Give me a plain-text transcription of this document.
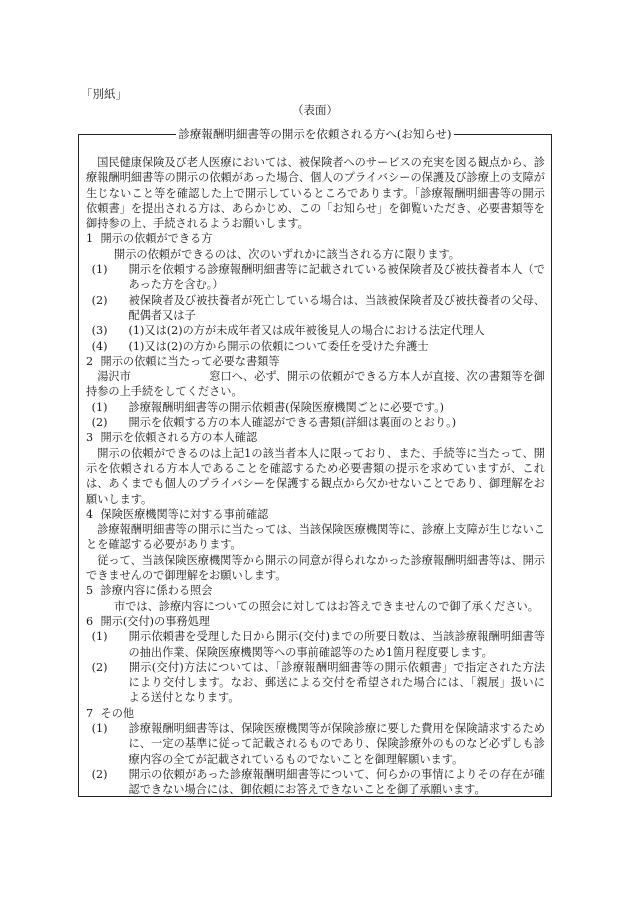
「別紙」
（表面）
診療報酬明細書等の開示を依頼される方へ(お知らせ)

国民健康保険及び老人医療においては、被保険者へのサービスの充実を図る観点から、診療報酬明細書等の開示の依頼があった場合、個人のプライバシーの保護及び診療上の支障が生じないこと等を確認した上で開示しているところであります。「診療報酬明細書等の開示依頼書」を提出される方は、あらかじめ、この「お知らせ」を御覧いただき、必要書類等を御持参の上、手続されるようお願いします。

1 開示の依頼ができる方

開示の依頼ができるのは、次のいずれかに該当される方に限ります。

(1) 開示を依頼する診療報酬明細書等に記載されている被保険者及び被扶養者本人（であった方を含む。）

(2) 被保険者及び被扶養者が死亡している場合は、当該被保険者及び被扶養者の父母、配偶者又は子

(3) (1)又は(2)の方が未成年者又は成年被後見人の場合における法定代理人

(4) (1)又は(2)の方から開示の依頼について委任を受けた弁護士

2 開示の依頼に当たって必要な書類等

湯沢市	窓口へ、必ず、開示の依頼ができる方本人が直接、次の書類等を御持参の上手続をしてください。

(1) 診療報酬明細書等の開示依頼書(保険医療機関ごとに必要です。)

(2) 開示を依頼する方の本人確認ができる書類(詳細は裏面のとおり。)

3 開示を依頼される方の本人確認

開示の依頼ができるのは上記1の該当者本人に限っており、また、手続等に当たって、開示を依頼される方本人であることを確認するため必要書類の提示を求めていますが、これは、あくまでも個人のプライバシーを保護する観点から欠かせないことであり、御理解をお願いします。

4 保険医療機関等に対する事前確認

診療報酬明細書等の開示に当たっては、当該保険医療機関等に、診療上支障が生じないことを確認する必要があります。

従って、当該保険医療機関等から開示の同意が得られなかった診療報酬明細書等は、開示できませんので御理解をお願いします。

5 診療内容に係わる照会

市では、診療内容についての照会に対してはお答えできませんので御了承ください。

6 開示(交付)の事務処理

(1) 開示依頼書を受理した日から開示(交付)までの所要日数は、当該診療報酬明細書等の抽出作業、保険医療機関等への事前確認等のため1箇月程度要します。

(2) 開示(交付)方法については、「診療報酬明細書等の開示依頼書」で指定された方法により交付します。なお、郵送による交付を希望された場合には、「親展」扱いによる送付となります。

7 その他

(1) 診療報酬明細書等は、保険医療機関等が保険診療に要した費用を保険請求するために、一定の基準に従って記載されるものであり、保険診療外のものなど必ずしも診療内容の全てが記載されているものでないことを御理解願います。

(2) 開示の依頼があった診療報酬明細書等について、何らかの事情によりその存在が確認できない場合には、御依頼にお答えできないことを御了承願います。
